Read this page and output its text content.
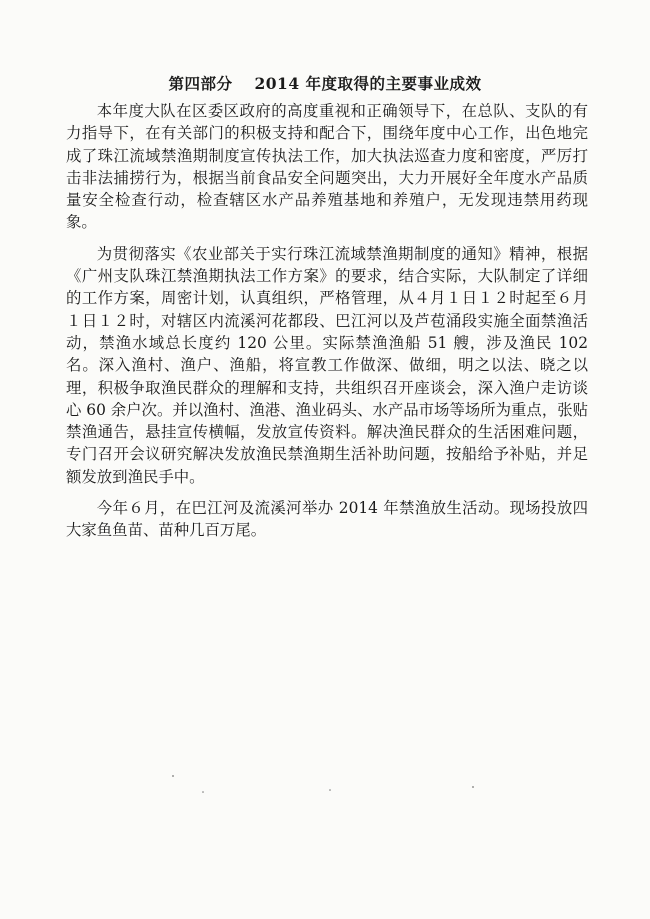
第四部分 2014 年度取得的主要事业成效

本年度大队在区委区政府的高度重视和正确领导下，在总队、支队的有力指导下，在有关部门的积极支持和配合下，围绕年度中心工作，出色地完成了珠江流域禁渔期制度宣传执法工作，加大执法巡查力度和密度，严厉打击非法捕捞行为，根据当前食品安全问题突出，大力开展好全年度水产品质量安全检查行动，检查辖区水产品养殖基地和养殖户，无发现违禁用药现象。

为贯彻落实《农业部关于实行珠江流域禁渔期制度的通知》精神，根据《广州支队珠江禁渔期执法工作方案》的要求，结合实际，大队制定了详细的工作方案，周密计划，认真组织，严格管理，从４月１日１２时起至６月１日１２时，对辖区内流溪河花都段、巴江河以及芦苞涌段实施全面禁渔活动，禁渔水域总长度约 120 公里。实际禁渔渔船 51 艘，涉及渔民 102 名。深入渔村、渔户、渔船，将宣教工作做深、做细，明之以法、晓之以理，积极争取渔民群众的理解和支持，共组织召开座谈会，深入渔户走访谈心 60 余户次。并以渔村、渔港、渔业码头、水产品市场等场所为重点，张贴禁渔通告，悬挂宣传横幅，发放宣传资料。解决渔民群众的生活困难问题，专门召开会议研究解决发放渔民禁渔期生活补助问题，按船给予补贴，并足额发放到渔民手中。

今年６月，在巴江河及流溪河举办 2014 年禁渔放生活动。现场投放四大家鱼鱼苗、苗种几百万尾。
